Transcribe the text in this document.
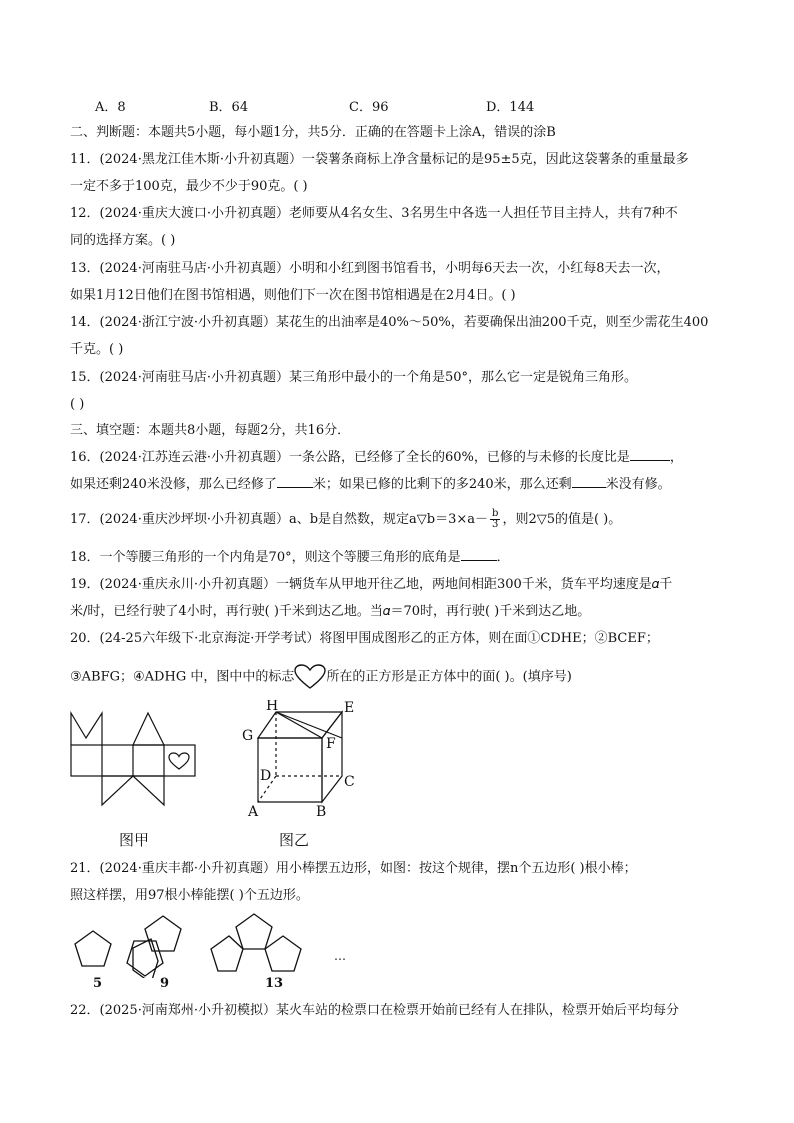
A．8	B．64	C．96	D．144
二、判断题：本题共5小题，每小题1分，共5分．正确的在答题卡上涂A，错误的涂B
11．(2024·黑龙江佳木斯·小升初真题）一袋薯条商标上净含量标记的是95±5克，因此这袋薯条的重量最多
一定不多于100克，最少不少于90克。( )
12．(2024·重庆大渡口·小升初真题）老师要从4名女生、3名男生中各选一人担任节目主持人，共有7种不
同的选择方案。( )
13．(2024·河南驻马店·小升初真题）小明和小红到图书馆看书，小明每6天去一次，小红每8天去一次，
如果1月12日他们在图书馆相遇，则他们下一次在图书馆相遇是在2月4日。( )
14．(2024·浙江宁波·小升初真题）某花生的出油率是40%～50%，若要确保出油200千克，则至少需花生400
千克。( )
15．(2024·河南驻马店·小升初真题）某三角形中最小的一个角是50°，那么它一定是锐角三角形。
( )
三、填空题：本题共8小题，每题2分，共16分．
16．(2024·江苏连云港·小升初真题）一条公路，已经修了全长的60%，已修的与未修的长度比是	，
如果还剩240米没修，那么已经修了	米；如果已修的比剩下的多240米，那么还剩	米没有修。
17．(2024·重庆沙坪坝·小升初真题）a、b是自然数，规定a▽b＝3×a－ $\frac{b}{3}$ ，则2▽5的值是( )。
18．一个等腰三角形的一个内角是70°，则这个等腰三角形的底角是	．
19．(2024·重庆永川·小升初真题）一辆货车从甲地开往乙地，两地间相距300千米，货车平均速度是𝛼千
米/时，已经行驶了4小时，再行驶( )千米到达乙地。当𝛼＝70时，再行驶( )千米到达乙地。
20．(24-25六年级下·北京海淀·开学考试）将图甲围成图形乙的正方体，则在面①CDHE；②BCEF；
③ABFG；④ADHG 中，图中中的标志 所在的正方形是正方体中的面( )。(填序号)
H	E
G	F
D	C
A	B
图甲	图乙
21．(2024·重庆丰都·小升初真题）用小棒摆五边形，如图：按这个规律，摆n个五边形( )根小棒；
照这样摆，用97根小棒能摆( )个五边形。
…
5	9	13
22．(2025·河南郑州·小升初模拟）某火车站的检票口在检票开始前已经有人在排队，检票开始后平均每分
